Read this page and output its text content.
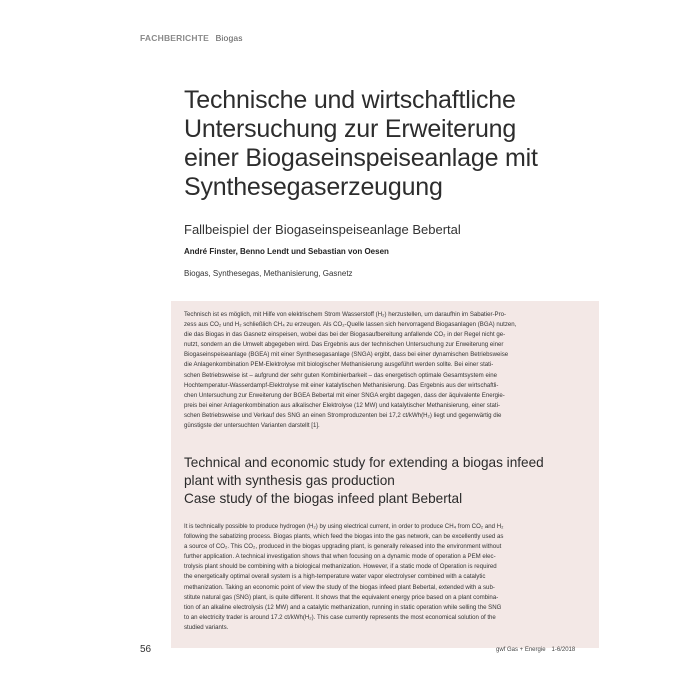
FACHBERICHTE Biogas
Technische und wirtschaftliche
Untersuchung zur Erweiterung
einer Biogaseinspeiseanlage mit
Synthesegaserzeugung
Fallbeispiel der Biogaseinspeiseanlage Bebertal
André Finster, Benno Lendt und Sebastian von Oesen
Biogas, Synthesegas, Methanisierung, Gasnetz
Technisch ist es möglich, mit Hilfe von elektrischem Strom Wasserstoff (H₂) herzustellen, um daraufhin im Sabatier-Pro-
zess aus CO₂ und H₂ schließlich CH₄ zu erzeugen. Als CO₂-Quelle lassen sich hervorragend Biogasanlagen (BGA) nutzen,
die das Biogas in das Gasnetz einspeisen, wobei das bei der Biogasaufbereitung anfallende CO₂ in der Regel nicht ge-
nutzt, sondern an die Umwelt abgegeben wird. Das Ergebnis aus der technischen Untersuchung zur Erweiterung einer
Biogaseinspeiseanlage (BGEA) mit einer Synthesegasanlage (SNGA) ergibt, dass bei einer dynamischen Betriebsweise
die Anlagenkombination PEM-Elektrolyse mit biologischer Methanisierung ausgeführt werden sollte. Bei einer stati-
schen Betriebsweise ist – aufgrund der sehr guten Kombinierbarkeit – das energetisch optimale Gesamtsystem eine
Hochtemperatur-Wasserdampf-Elektrolyse mit einer katalytischen Methanisierung. Das Ergebnis aus der wirtschaftli-
chen Untersuchung zur Erweiterung der BGEA Bebertal mit einer SNGA ergibt dagegen, dass der äquivalente Energie-
preis bei einer Anlagenkombination aus alkalischer Elektrolyse (12 MW) und katalytischer Methanisierung, einer stati-
schen Betriebsweise und Verkauf des SNG an einen Stromproduzenten bei 17,2 ct/kWh(H₂) liegt und gegenwärtig die
günstigste der untersuchten Varianten darstellt [1].
Technical and economic study for extending a biogas infeed
plant with synthesis gas production
Case study of the biogas infeed plant Bebertal
It is technically possible to produce hydrogen (H₂) by using electrical current, in order to produce CH₄ from CO₂ and H₂
following the sabatizing process. Biogas plants, which feed the biogas into the gas network, can be excellently used as
a source of CO₂. This CO₂, produced in the biogas upgrading plant, is generally released into the environment without
further application. A technical investigation shows that when focusing on a dynamic mode of operation a PEM elec-
trolysis plant should be combining with a biological methanization. However, if a static mode of Operation is required
the energetically optimal overall system is a high-temperature water vapor electrolyser combined with a catalytic
methanization. Taking an economic point of view the study of the biogas infeed plant Bebertal, extended with a sub-
stitute natural gas (SNG) plant, is quite different. It shows that the equivalent energy price based on a plant combina-
tion of an alkaline electrolysis (12 MW) and a catalytic methanization, running in static operation while selling the SNG
to an electricity trader is around 17.2 ct/kWh(H₂). This case currently represents the most economical solution of the
studied variants.
56	gwf Gas + Energie 1-6/2018
